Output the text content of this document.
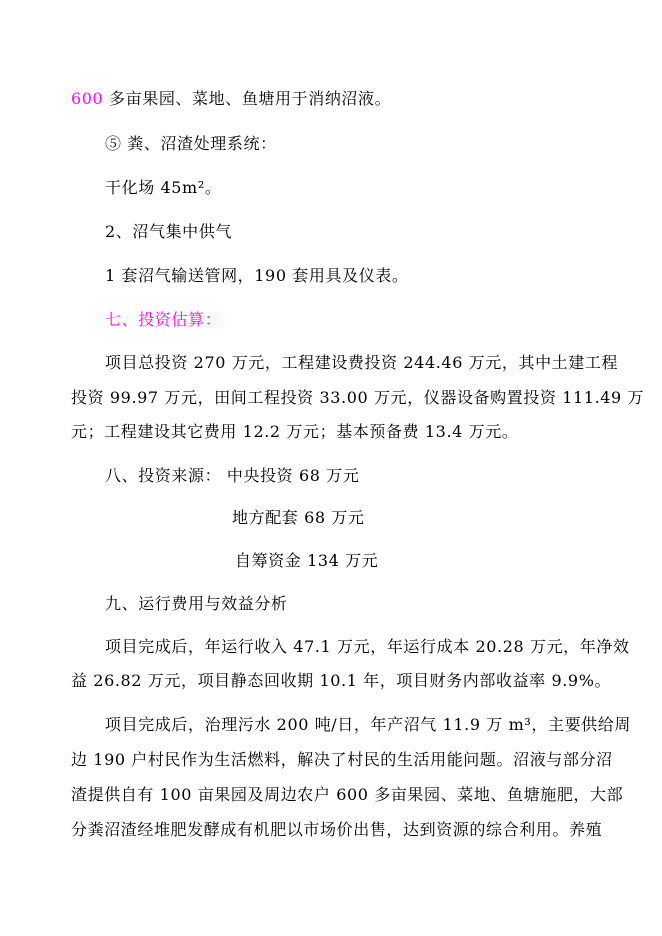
600 多亩果园、菜地、鱼塘用于消纳沼液。
⑤ 粪、沼渣处理系统：
干化场 45m²。
2、沼气集中供气
1 套沼气输送管网，190 套用具及仪表。
七、投资估算：
项目总投资 270 万元，工程建设费投资 244.46 万元，其中土建工程
投资 99.97 万元，田间工程投资 33.00 万元，仪器设备购置投资 111.49 万
元；工程建设其它费用 12.2 万元；基本预备费 13.4 万元。
八、投资来源： 中央投资 68 万元
地方配套 68 万元
自筹资金 134 万元
九、运行费用与效益分析
项目完成后，年运行收入 47.1 万元，年运行成本 20.28 万元，年净效
益 26.82 万元，项目静态回收期 10.1 年，项目财务内部收益率 9.9%。
项目完成后，治理污水 200 吨/日，年产沼气 11.9 万 m³，主要供给周
边 190 户村民作为生活燃料，解决了村民的生活用能问题。沼液与部分沼
渣提供自有 100 亩果园及周边农户 600 多亩果园、菜地、鱼塘施肥，大部
分粪沼渣经堆肥发酵成有机肥以市场价出售，达到资源的综合利用。养殖
